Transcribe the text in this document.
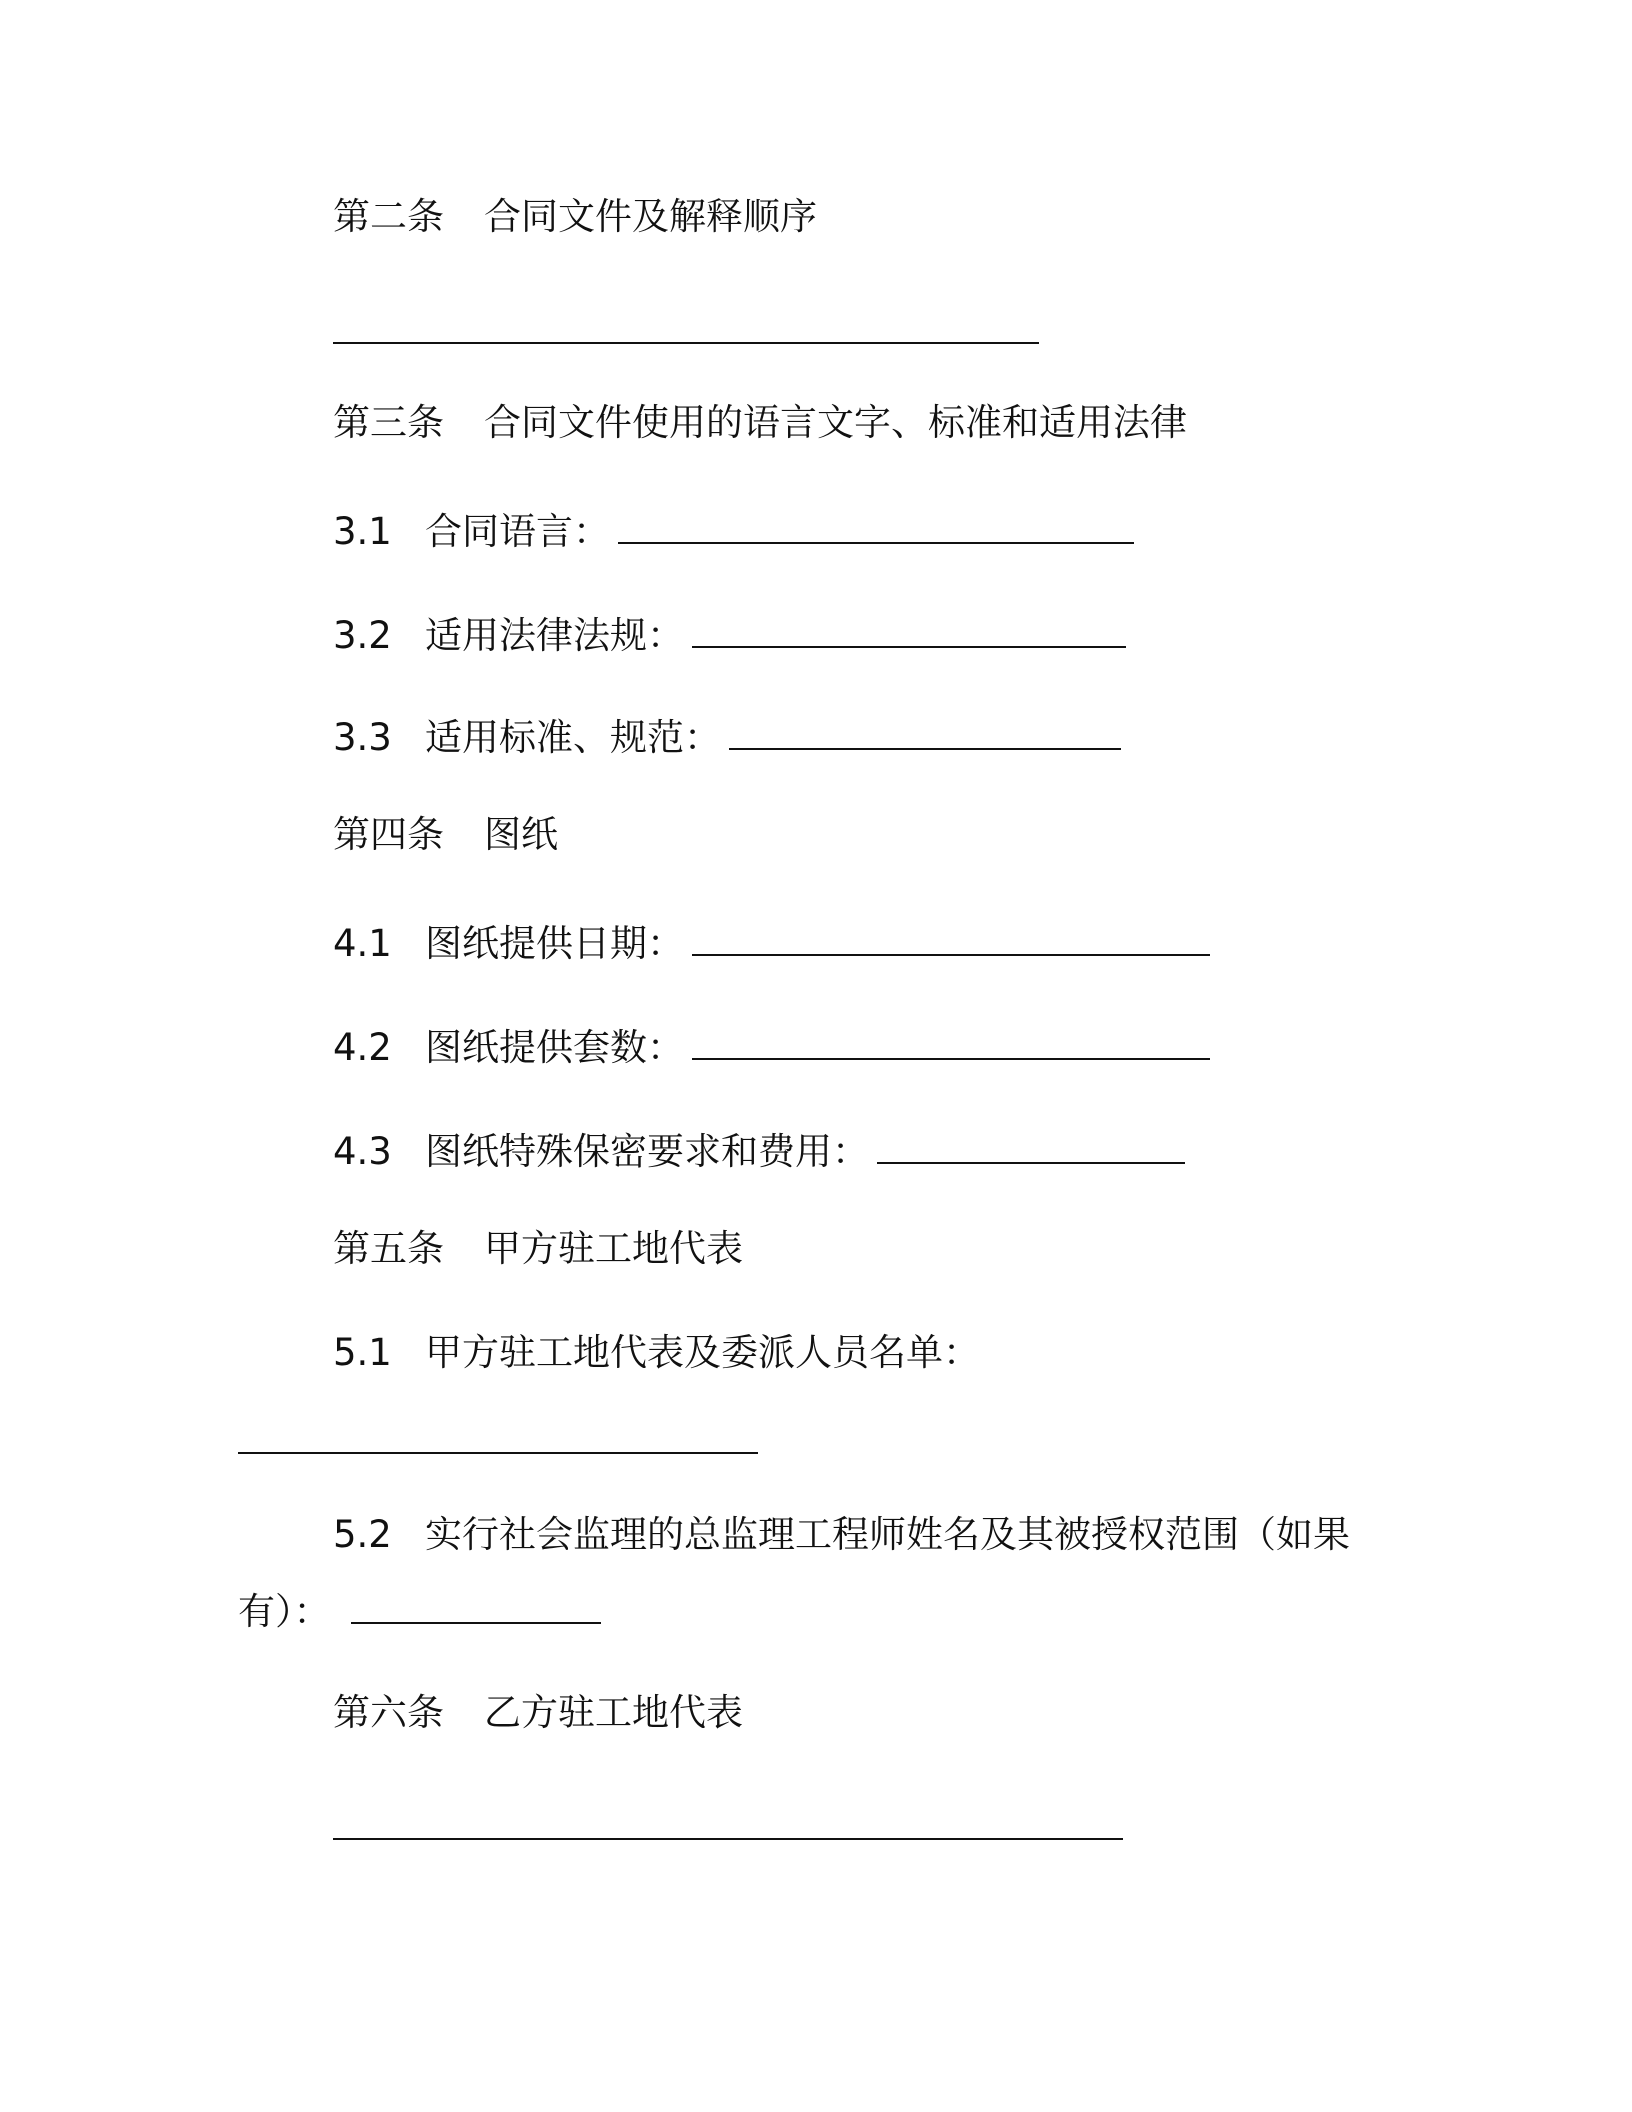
第二条 合同文件及解释顺序
第三条 合同文件使用的语言文字、标准和适用法律
3.1 合同语言：
3.2 适用法律法规：
3.3 适用标准、规范：
第四条 图纸
4.1 图纸提供日期：
4.2 图纸提供套数：
4.3 图纸特殊保密要求和费用：
第五条 甲方驻工地代表
5.1 甲方驻工地代表及委派人员名单：
5.2 实行社会监理的总监理工程师姓名及其被授权范围（如果
有）：
第六条 乙方驻工地代表
